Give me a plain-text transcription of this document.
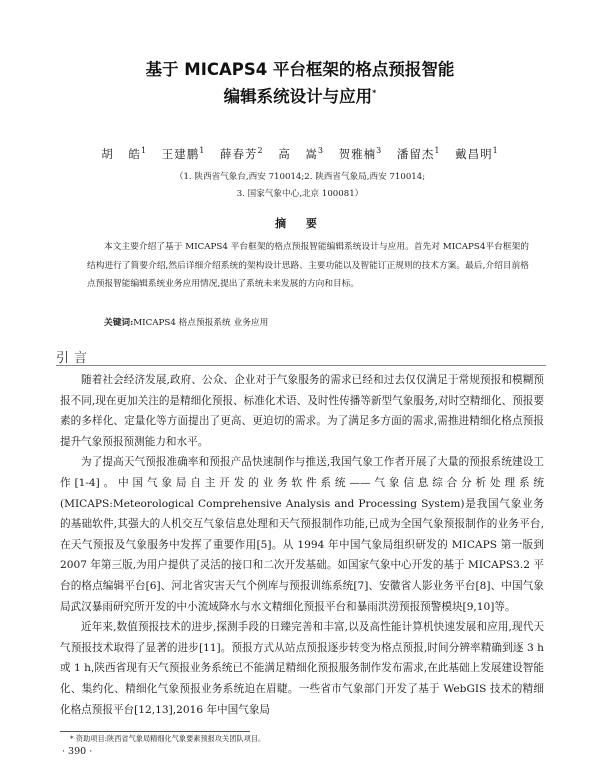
基于 MICAPS4 平台框架的格点预报智能
编辑系统设计与应用*
胡 皓$^1$ 王建鹏$^1$ 薛春芳$^2$ 高 嵩$^3$ 贺雅楠$^3$ 潘留杰$^1$ 戴昌明$^1$
（1. 陕西省气象台,西安 710014;2. 陕西省气象局,西安 710014;
3. 国家气象中心,北京 100081）
摘 要
本文主要介绍了基于 MICAPS4 平台框架的格点预报智能编辑系统设计与应用。首先对 MICAPS4平台框架的结构进行了简要介绍,然后详细介绍系统的架构设计思路、主要功能以及智能订正规则的技术方案。最后,介绍目前格点预报智能编辑系统业务应用情况,提出了系统未来发展的方向和目标。
关键词:MICAPS4 格点预报系统 业务应用
引言

随着社会经济发展,政府、公众、企业对于气象服务的需求已经和过去仅仅满足于常规预报和模糊预报不同,现在更加关注的是精细化预报、标准化术语、及时性传播等新型气象服务,对时空精细化、预报要素的多样化、定量化等方面提出了更高、更迫切的需求。为了满足多方面的需求,需推进精细化格点预报提升气象预报预测能力和水平。

为了提高天气预报准确率和预报产品快速制作与推送,我国气象工作者开展了大量的预报系统建设工作[1-4]。中国气象局自主开发的业务软件系统——气象信息综合分析处理系统(MICAPS:Meteorological Comprehensive Analysis and Processing System)是我国气象业务的基础软件,其强大的人机交互气象信息处理和天气预报制作功能,已成为全国气象预报制作的业务平台,在天气预报及气象服务中发挥了重要作用[5]。从 1994 年中国气象局组织研发的 MICAPS 第一版到 2007 年第三版,为用户提供了灵活的接口和二次开发基础。如国家气象中心开发的基于 MICAPS3.2 平台的格点编辑平台[6]、河北省灾害天气个例库与预报训练系统[7]、安徽省人影业务平台[8]、中国气象局武汉暴雨研究所开发的中小流域降水与水文精细化预报平台和暴雨洪涝预报预警模块[9,10]等。

近年来,数值预报技术的进步,探测手段的日臻完善和丰富,以及高性能计算机快速发展和应用,现代天气预报技术取得了显著的进步[11]。预报方式从站点预报逐步转变为格点预报,时间分辨率精确到逐 3 h 或 1 h,陕西省现有天气预报业务系统已不能满足精细化预报服务制作发布需求,在此基础上发展建设智能化、集约化、精细化气象预报业务系统迫在眉睫。一些省市气象部门开发了基于 WebGIS 技术的精细化格点预报平台[12,13],2016 年中国气象局

* 资助项目:陕西省气象局精细化气象要素预报攻关团队项目。
· 390 ·
